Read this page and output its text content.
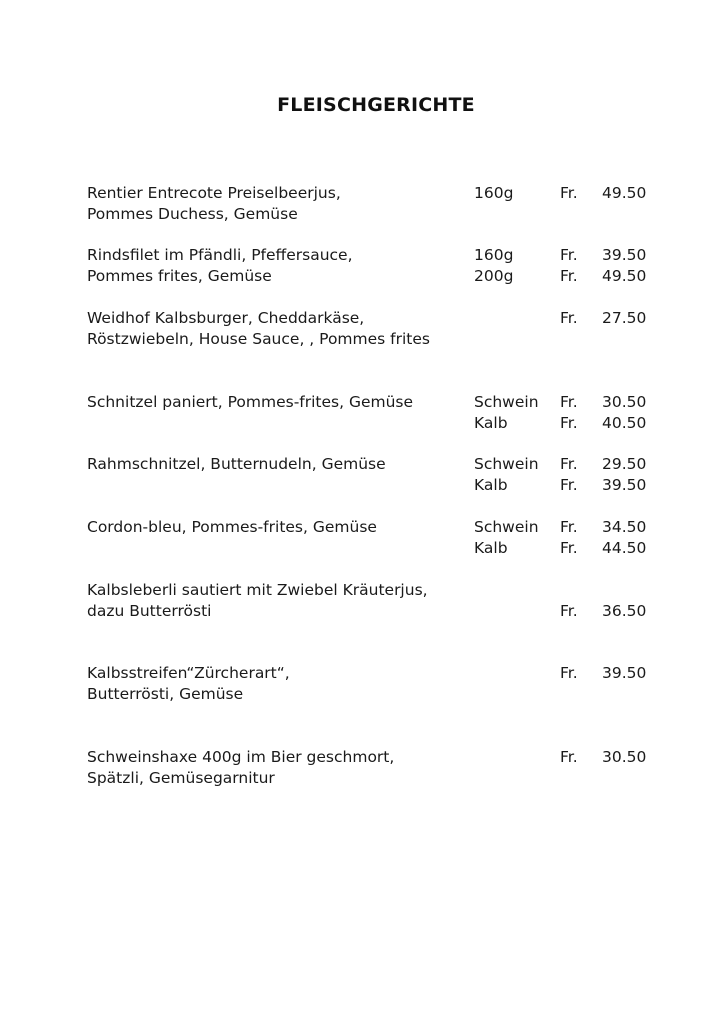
FLEISCHGERICHTE
Rentier Entrecote Preiselbeerjus,	160g	Fr. 49.50
Pommes Duchess, Gemüse
Rindsfilet im Pfändli, Pfeffersauce,	160g	Fr. 39.50
Pommes frites, Gemüse	200g	Fr. 49.50
Weidhof Kalbsburger, Cheddarkäse,	Fr. 27.50
Röstzwiebeln, House Sauce, , Pommes frites
Schnitzel paniert, Pommes-frites, Gemüse	Schwein Fr. 30.50
Kalb	Fr. 40.50
Rahmschnitzel, Butternudeln, Gemüse	Schwein Fr. 29.50
Kalb	Fr. 39.50
Cordon-bleu, Pommes-frites, Gemüse	Schwein Fr. 34.50
Kalb	Fr. 44.50
Kalbsleberli sautiert mit Zwiebel Kräuterjus,
dazu Butterrösti	Fr. 36.50
Kalbsstreifen“Zürcherart“,	Fr. 39.50
Butterrösti, Gemüse
Schweinshaxe 400g im Bier geschmort,	Fr. 30.50
Spätzli, Gemüsegarnitur
